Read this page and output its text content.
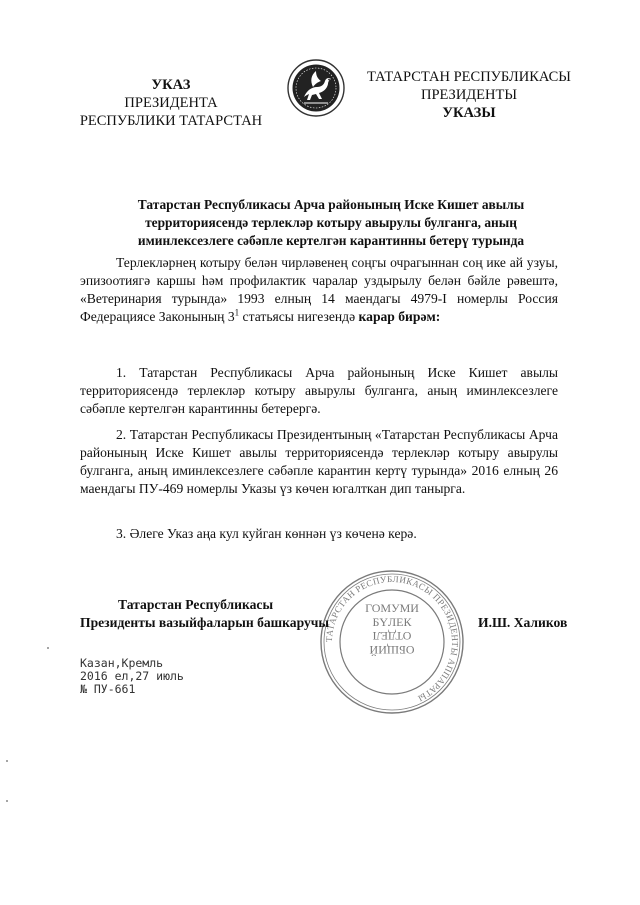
УКАЗ
ПРЕЗИДЕНТА
РЕСПУБЛИКИ ТАТАРСТАН
ТАТАРСТАН РЕСПУБЛИКАСЫ
ПРЕЗИДЕНТЫ
УКАЗЫ
Татарстан Республикасы Арча районының Иске Кишет авылы
территориясендә терлекләр котыру авырулы булганга, аның
иминлексезлеге сәбәпле кертелгән карантинны бетерү турында
Терлекләрнең котыру белән чирләвенең соңгы очрагыннан соң ике ай узуы, эпизоотиягә каршы һәм профилактик чаралар уздырылу белән бәйле рәвештә, «Ветеринария турында» 1993 елның 14 маендагы 4979-I номерлы Россия Федерациясе Законының $3^1$ статьясы нигезендә карар бирәм:
1. Татарстан Республикасы Арча районының Иске Кишет авылы территориясендә терлекләр котыру авырулы булганга, аның иминлексезлеге сәбәпле кертелгән карантинны бетерергә.
2. Татарстан Республикасы Президентының «Татарстан Республикасы Арча районының Иске Кишет авылы территориясендә терлекләр котыру авырулы булганга, аның иминлексезлеге сәбәпле карантин кертү турында» 2016 елның 26 маендагы ПУ-469 номерлы Указы үз көчен югалткан дип танырга.
3. Әлеге Указ аңа кул куйган көннән үз көченә керә.
ТАТАРСТАН РЕСПУБЛИКАСЫ ПРЕЗИДЕНТЫ АППАРАТЫ
ГОМУМИ
БҮЛЕК
ОБЩИЙ
ОТДЕЛ
Татарстан Республикасы
Президенты вазыйфаларын башкаручы	И.Ш. Халиков
Казан,Кремль
2016 ел,27 июль
№ ПУ-661
